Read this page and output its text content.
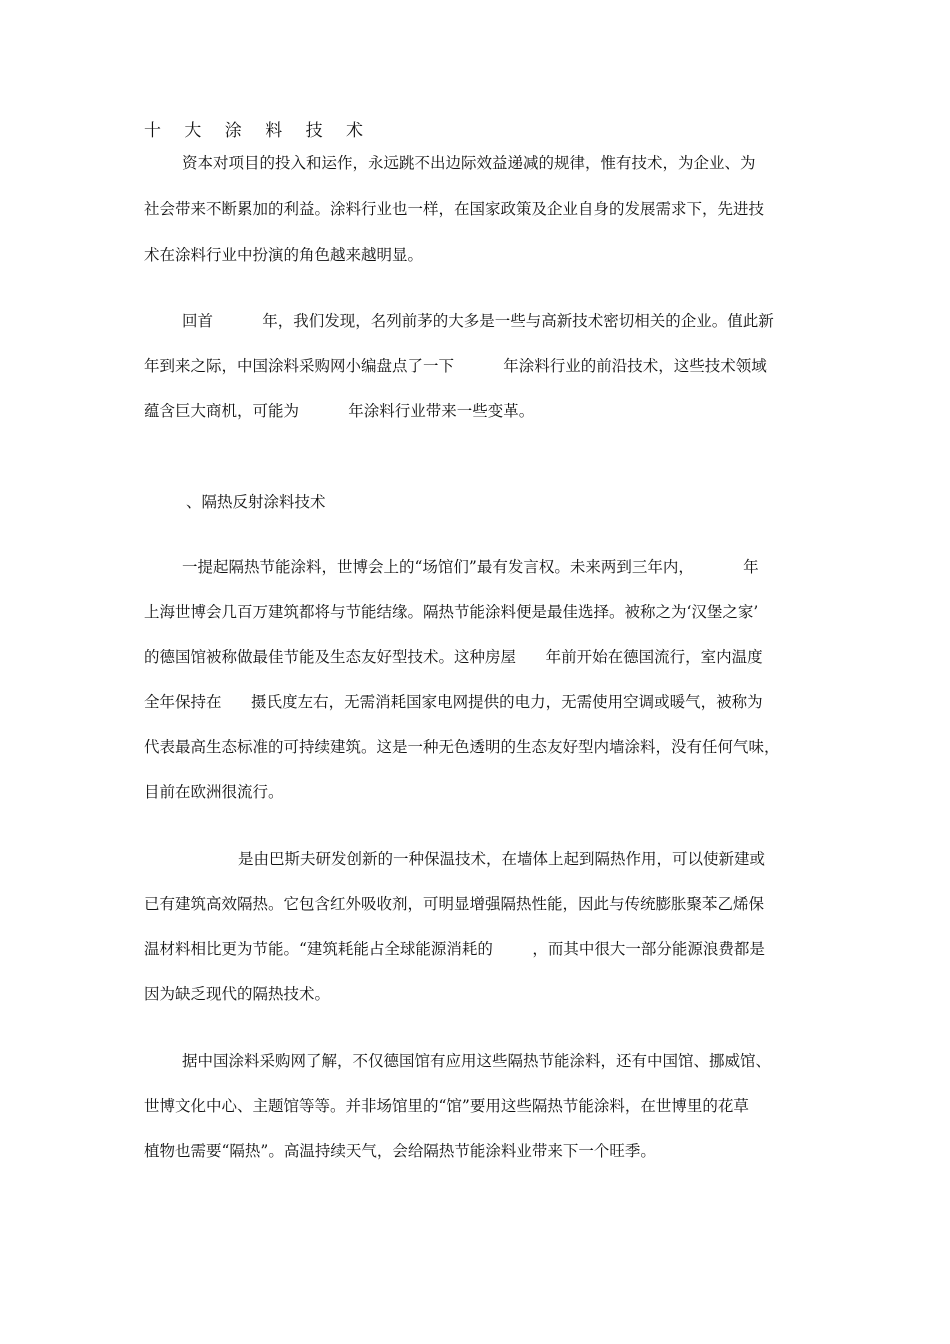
十 大 涂 料 技 术
资本对项目的投入和运作，永远跳不出边际效益递减的规律，惟有技术，为企业、为
社会带来不断累加的利益。涂料行业也一样，在国家政策及企业自身的发展需求下，先进技
术在涂料行业中扮演的角色越来越明显。
回首          年，我们发现，名列前茅的大多是一些与高新技术密切相关的企业。值此新
年到来之际，中国涂料采购网小编盘点了一下          年涂料行业的前沿技术，这些技术领域
蕴含巨大商机，可能为          年涂料行业带来一些变革。
、隔热反射涂料技术
一提起隔热节能涂料，世博会上的“场馆们”最有发言权。未来两到三年内，          年
上海世博会几百万建筑都将与节能结缘。隔热节能涂料便是最佳选择。被称之为‘汉堡之家’
的德国馆被称做最佳节能及生态友好型技术。这种房屋      年前开始在德国流行，室内温度
全年保持在      摄氏度左右，无需消耗国家电网提供的电力，无需使用空调或暖气，被称为
代表最高生态标准的可持续建筑。这是一种无色透明的生态友好型内墙涂料，没有任何气味，
目前在欧洲很流行。
是由巴斯夫研发创新的一种保温技术，在墙体上起到隔热作用，可以使新建或
已有建筑高效隔热。它包含红外吸收剂，可明显增强隔热性能，因此与传统膨胀聚苯乙烯保
温材料相比更为节能。“建筑耗能占全球能源消耗的        ，而其中很大一部分能源浪费都是
因为缺乏现代的隔热技术。
据中国涂料采购网了解，不仅德国馆有应用这些隔热节能涂料，还有中国馆、挪威馆、
世博文化中心、主题馆等等。并非场馆里的“馆”要用这些隔热节能涂料，在世博里的花草
植物也需要“隔热”。高温持续天气，会给隔热节能涂料业带来下一个旺季。
